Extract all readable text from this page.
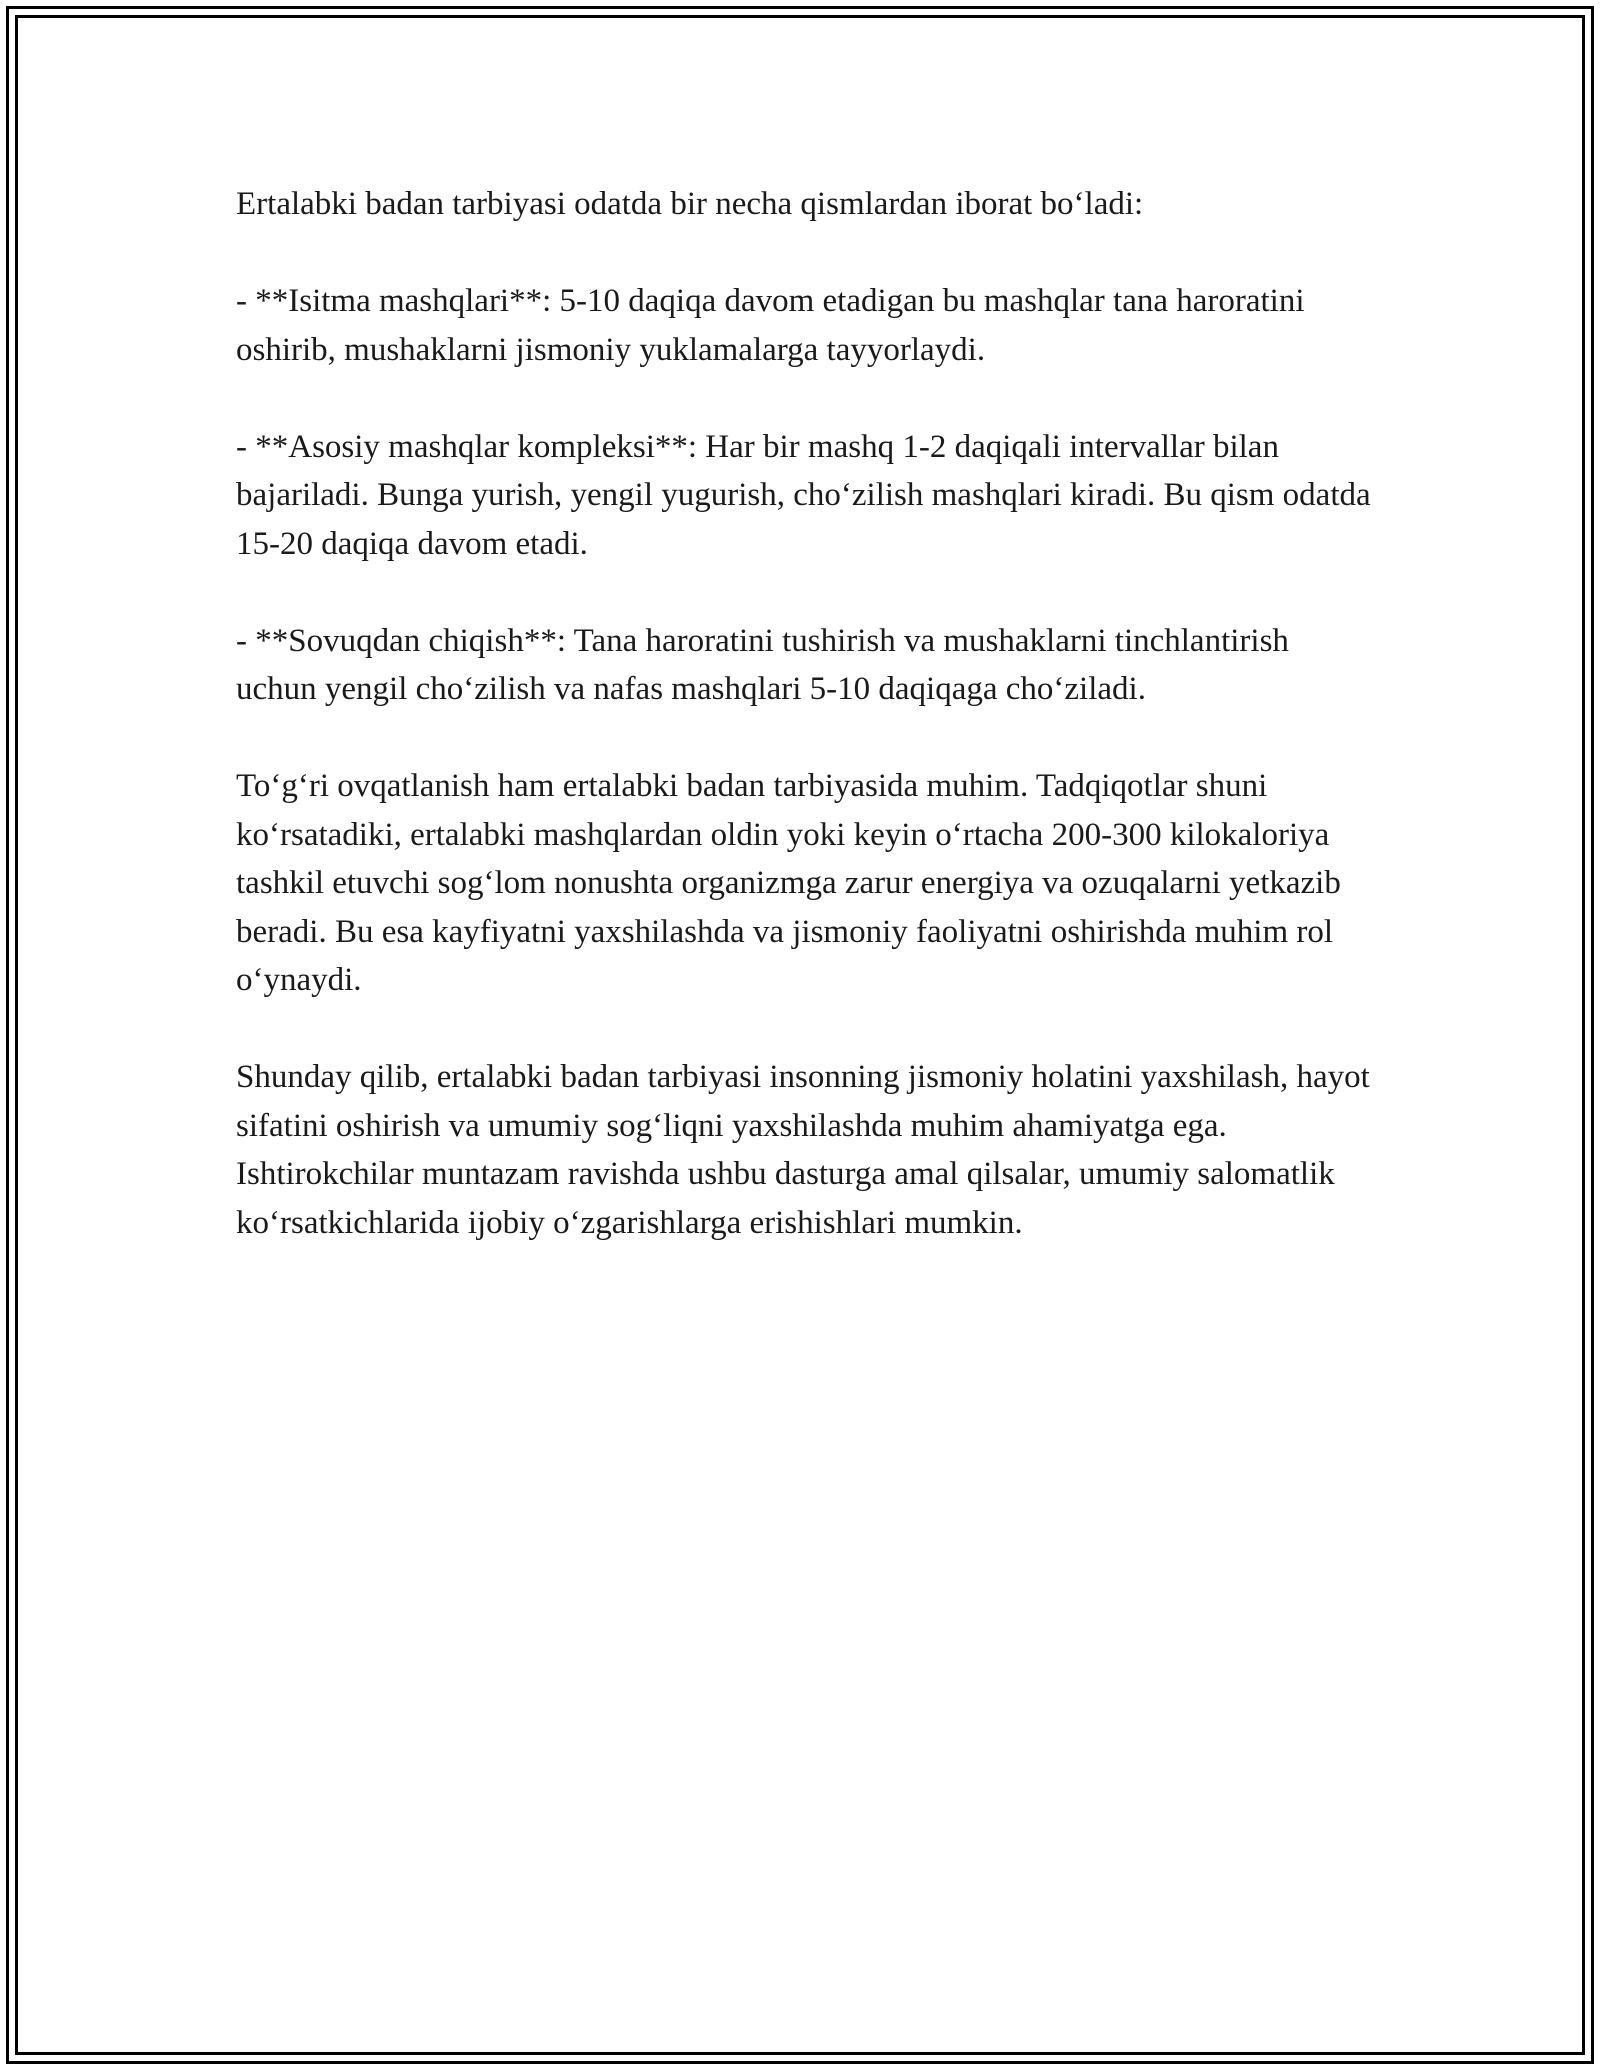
Ertalabki badan tarbiyasi odatda bir necha qismlardan iborat bo‘ladi:

- **Isitma mashqlari**: 5-10 daqiqa davom etadigan bu mashqlar tana haroratini oshirib, mushaklarni jismoniy yuklamalarga tayyorlaydi.

- **Asosiy mashqlar kompleksi**: Har bir mashq 1-2 daqiqali intervallar bilan bajariladi. Bunga yurish, yengil yugurish, cho‘zilish mashqlari kiradi. Bu qism odatda 15-20 daqiqa davom etadi.

- **Sovuqdan chiqish**: Tana haroratini tushirish va mushaklarni tinchlantirish uchun yengil cho‘zilish va nafas mashqlari 5-10 daqiqaga cho‘ziladi.

To‘g‘ri ovqatlanish ham ertalabki badan tarbiyasida muhim. Tadqiqotlar shuni ko‘rsatadiki, ertalabki mashqlardan oldin yoki keyin o‘rtacha 200-300 kilokaloriya tashkil etuvchi sog‘lom nonushta organizmga zarur energiya va ozuqalarni yetkazib beradi. Bu esa kayfiyatni yaxshilashda va jismoniy faoliyatni oshirishda muhim rol o‘ynaydi.

Shunday qilib, ertalabki badan tarbiyasi insonning jismoniy holatini yaxshilash, hayot sifatini oshirish va umumiy sog‘liqni yaxshilashda muhim ahamiyatga ega. Ishtirokchilar muntazam ravishda ushbu dasturga amal qilsalar, umumiy salomatlik ko‘rsatkichlarida ijobiy o‘zgarishlarga erishishlari mumkin.
